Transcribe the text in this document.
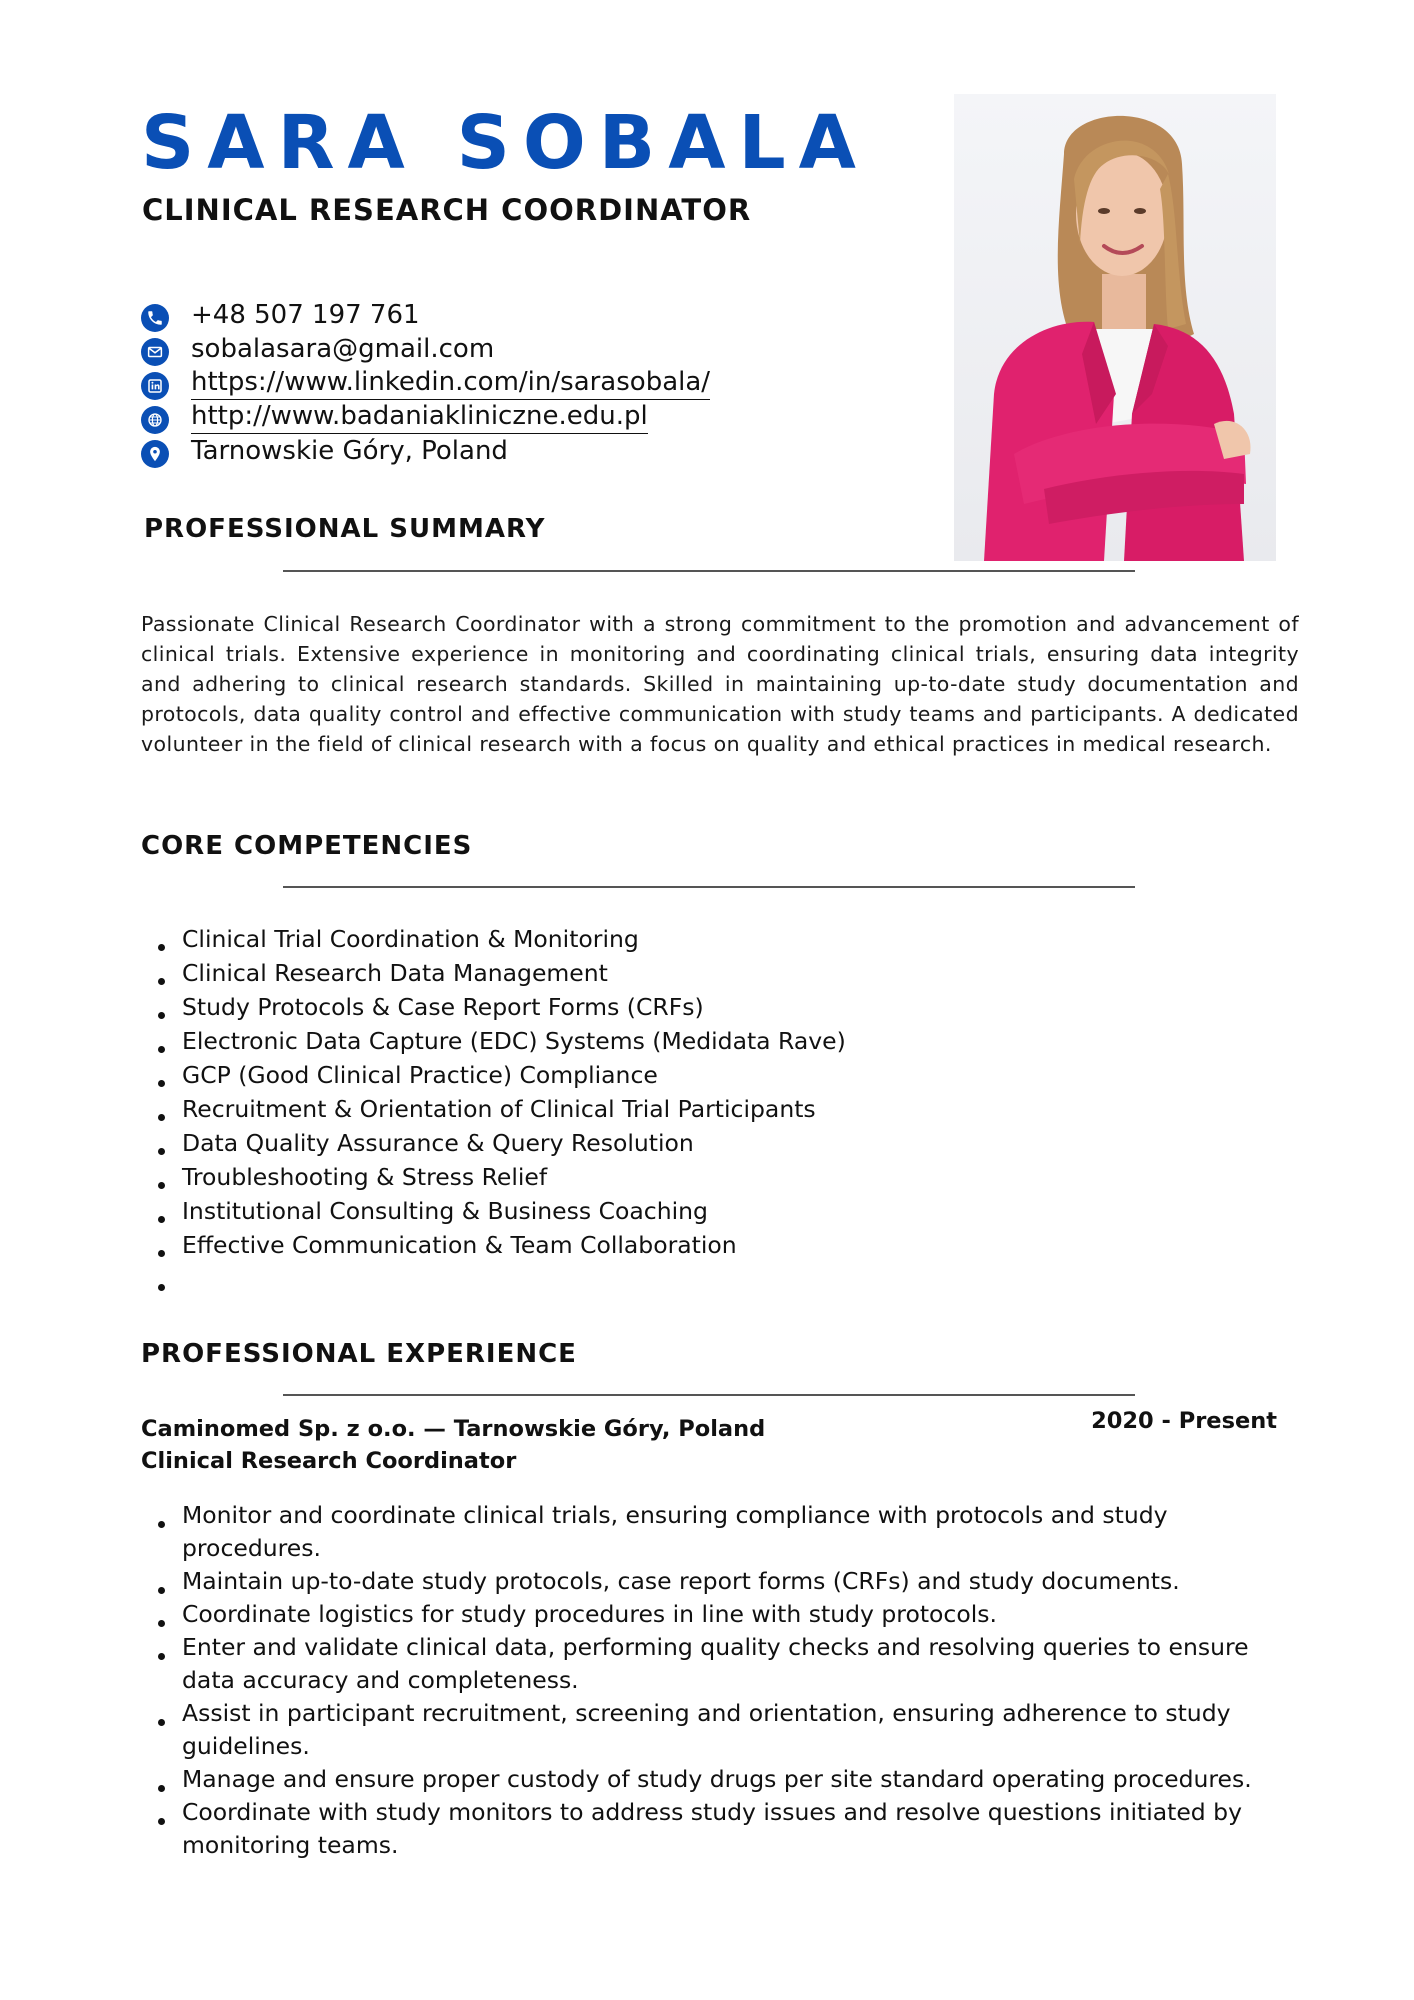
SARA SOBALA
CLINICAL RESEARCH COORDINATOR
+48 507 197 761
sobalasara@gmail.com
https://www.linkedin.com/in/sarasobala/
http://www.badaniakliniczne.edu.pl
Tarnowskie Góry, Poland
PROFESSIONAL SUMMARY
Passionate Clinical Research Coordinator with a strong commitment to the promotion and advancement of clinical trials. Extensive experience in monitoring and coordinating clinical trials, ensuring data integrity and adhering to clinical research standards. Skilled in maintaining up-to-date study documentation and protocols, data quality control and effective communication with study teams and participants. A dedicated volunteer in the field of clinical research with a focus on quality and ethical practices in medical research.
CORE COMPETENCIES
Clinical Trial Coordination & Monitoring
Clinical Research Data Management
Study Protocols & Case Report Forms (CRFs)
Electronic Data Capture (EDC) Systems (Medidata Rave)
GCP (Good Clinical Practice) Compliance
Recruitment & Orientation of Clinical Trial Participants
Data Quality Assurance & Query Resolution
Troubleshooting & Stress Relief
Institutional Consulting & Business Coaching
Effective Communication & Team Collaboration
PROFESSIONAL EXPERIENCE
Caminomed Sp. z o.o. — Tarnowskie Góry, Poland
Clinical Research Coordinator
2020 - Present
Monitor and coordinate clinical trials, ensuring compliance with protocols and study procedures.
Maintain up-to-date study protocols, case report forms (CRFs) and study documents.
Coordinate logistics for study procedures in line with study protocols.
Enter and validate clinical data, performing quality checks and resolving queries to ensure data accuracy and completeness.
Assist in participant recruitment, screening and orientation, ensuring adherence to study guidelines.
Manage and ensure proper custody of study drugs per site standard operating procedures.
Coordinate with study monitors to address study issues and resolve questions initiated by monitoring teams.
